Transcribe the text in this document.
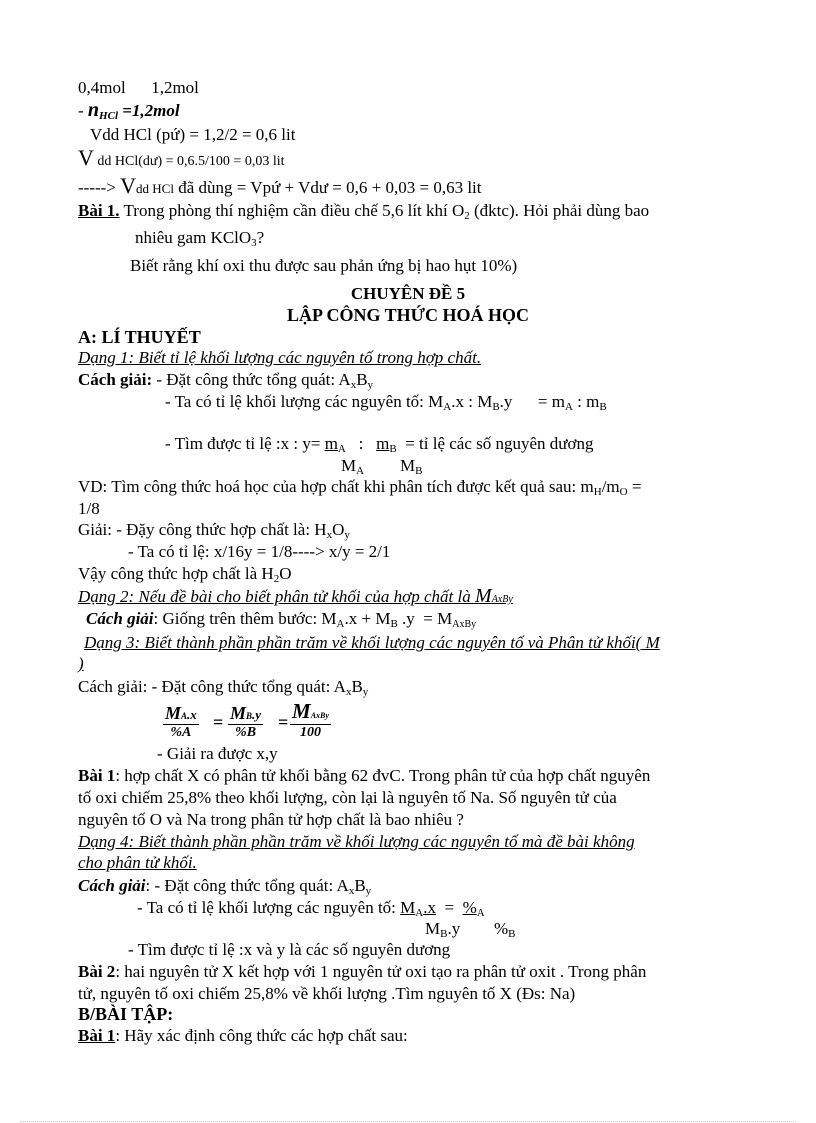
0,4mol      1,2mol
- $n_{HCl} =1,2mol$
Vdd HCl (pứ) = 1,2/2 = 0,6 lit
V dd HCl(dư) = 0,6.5/100 = 0,03 lit
-----> Vdd HCl đã dùng = Vpứ + Vdư = 0,6 + 0,03 = 0,63 lit
Bài 1. Trong phòng thí nghiệm cần điều chế 5,6 lít khí $O_2$ (đktc). Hỏi phải dùng bao
nhiêu gam KClO$_3$?
Biết rằng khí oxi thu được sau phản ứng bị hao hụt 10%)
CHUYÊN ĐỀ 5
LẬP CÔNG THỨC HOÁ HỌC
A: LÍ THUYẾT
Dạng 1: Biết tỉ lệ khối lượng các nguyên tố trong hợp chất.
Cách giải: - Đặt công thức tổng quát: $A_xB_y$
- Ta có tỉ lệ khối lượng các nguyên tố: $M_A.x$ : $M_B.y$      = $m_A$ : $m_B$
- Tìm được tỉ lệ :x : $y= m_A$   :   $m_B$  = tỉ lệ các số nguyên dương
$M_A$ $M_B$
VD: Tìm công thức hoá học của hợp chất khi phân tích được kết quả sau: $m_H/m_O$ =
1/8
Giải: - Đặy công thức hợp chất là: $H_xO_y$
- Ta có tỉ lệ: x/16y = 1/8----> x/y = 2/1
Vậy công thức hợp chất là $H_2O$
Dạng 2: Nếu đề bài cho biết phân tử khối của hợp chất là MAxBy
Cách giải: Giống trên thêm bước: $M_A.x + M_B$ .y  = MAxBy
Dạng 3: Biết thành phần phần trăm về khối lượng các nguyên tố và Phân tử khối( M
)
Cách giải: - Đặt công thức tổng quát: $A_xB_y$
MA.x
%A
= MB.y
%B
= MAxBy
100
- Giải ra được x,y
Bài 1: hợp chất X có phân tử khối bằng 62 đvC. Trong phân tử của hợp chất nguyên
tố oxi chiếm 25,8% theo khối lượng, còn lại là nguyên tố Na. Số nguyên tử của
nguyên tố O và Na trong phân tử hợp chất là bao nhiêu ?
Dạng 4: Biết thành phần phần trăm về khối lượng các nguyên tố mà đề bài không
cho phân tử khối.
Cách giải: - Đặt công thức tổng quát: $A_xB_y$
- Ta có tỉ lệ khối lượng các nguyên tố: $M_A.x = \%_A$
$M_B.y$ $\%_B$
- Tìm được tỉ lệ :x và y là các số nguyên dương
Bài 2: hai nguyên tử X kết hợp với 1 nguyên tử oxi tạo ra phân tử oxit . Trong phân
tử, nguyên tố oxi chiếm 25,8% về khối lượng .Tìm nguyên tố X (Đs: Na)
B/BÀI TẬP:
Bài 1: Hãy xác định công thức các hợp chất sau:
